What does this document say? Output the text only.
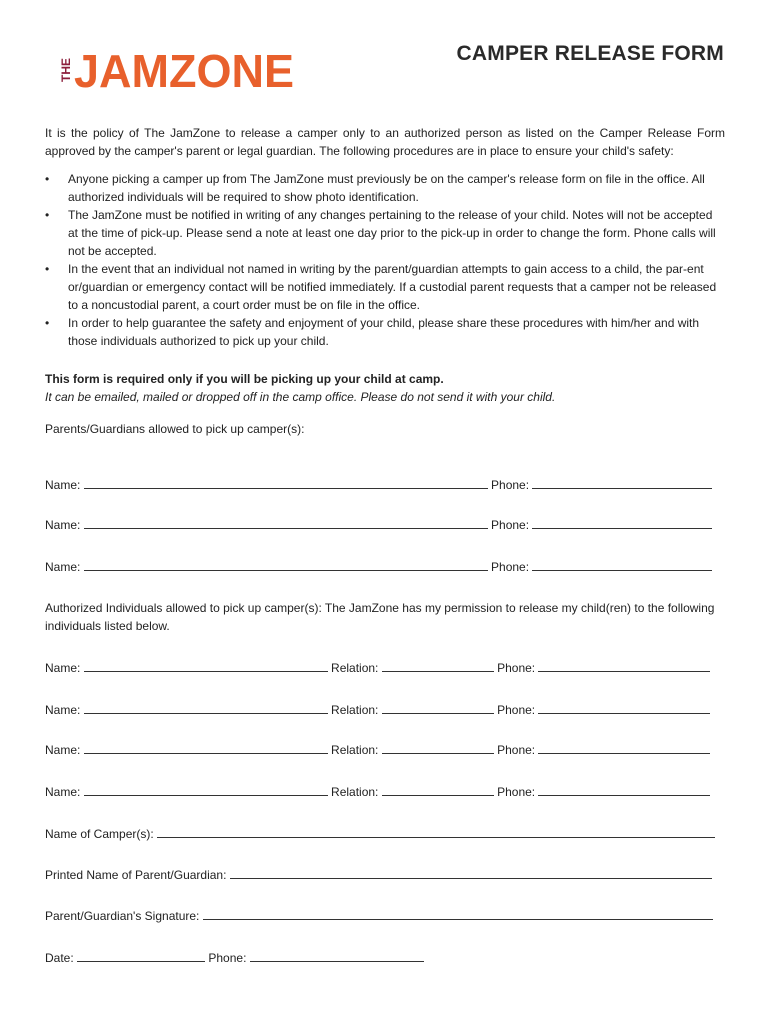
THE JAMZONE	CAMPER RELEASE FORM

It is the policy of The JamZone to release a camper only to an authorized person as listed on the Camper Release Form approved by the camper's parent or legal guardian. The following procedures are in place to ensure your child's safety:

• Anyone picking a camper up from The JamZone must previously be on the camper's release form on file in the office. All authorized individuals will be required to show photo identification.
• The JamZone must be notified in writing of any changes pertaining to the release of your child. Notes will not be accepted at the time of pick-up. Please send a note at least one day prior to the pick-up in order to change the form. Phone calls will not be accepted.
• In the event that an individual not named in writing by the parent/guardian attempts to gain access to a child, the par-ent or/guardian or emergency contact will be notified immediately. If a custodial parent requests that a camper not be released to a noncustodial parent, a court order must be on file in the office.
• In order to help guarantee the safety and enjoyment of your child, please share these procedures with him/her and with those individuals authorized to pick up your child.
This form is required only if you will be picking up your child at camp.
It can be emailed, mailed or dropped off in the camp office. Please do not send it with your child.
Parents/Guardians allowed to pick up camper(s):
Name:	Phone:
Name:	Phone:
Name:	Phone:
Authorized Individuals allowed to pick up camper(s): The JamZone has my permission to release my child(ren) to the following individuals listed below.
Name:	Relation:	Phone:
Name:	Relation:	Phone:
Name:	Relation:	Phone:
Name:	Relation:	Phone:
Name of Camper(s):
Printed Name of Parent/Guardian:
Parent/Guardian's Signature:
Date:	Phone:
